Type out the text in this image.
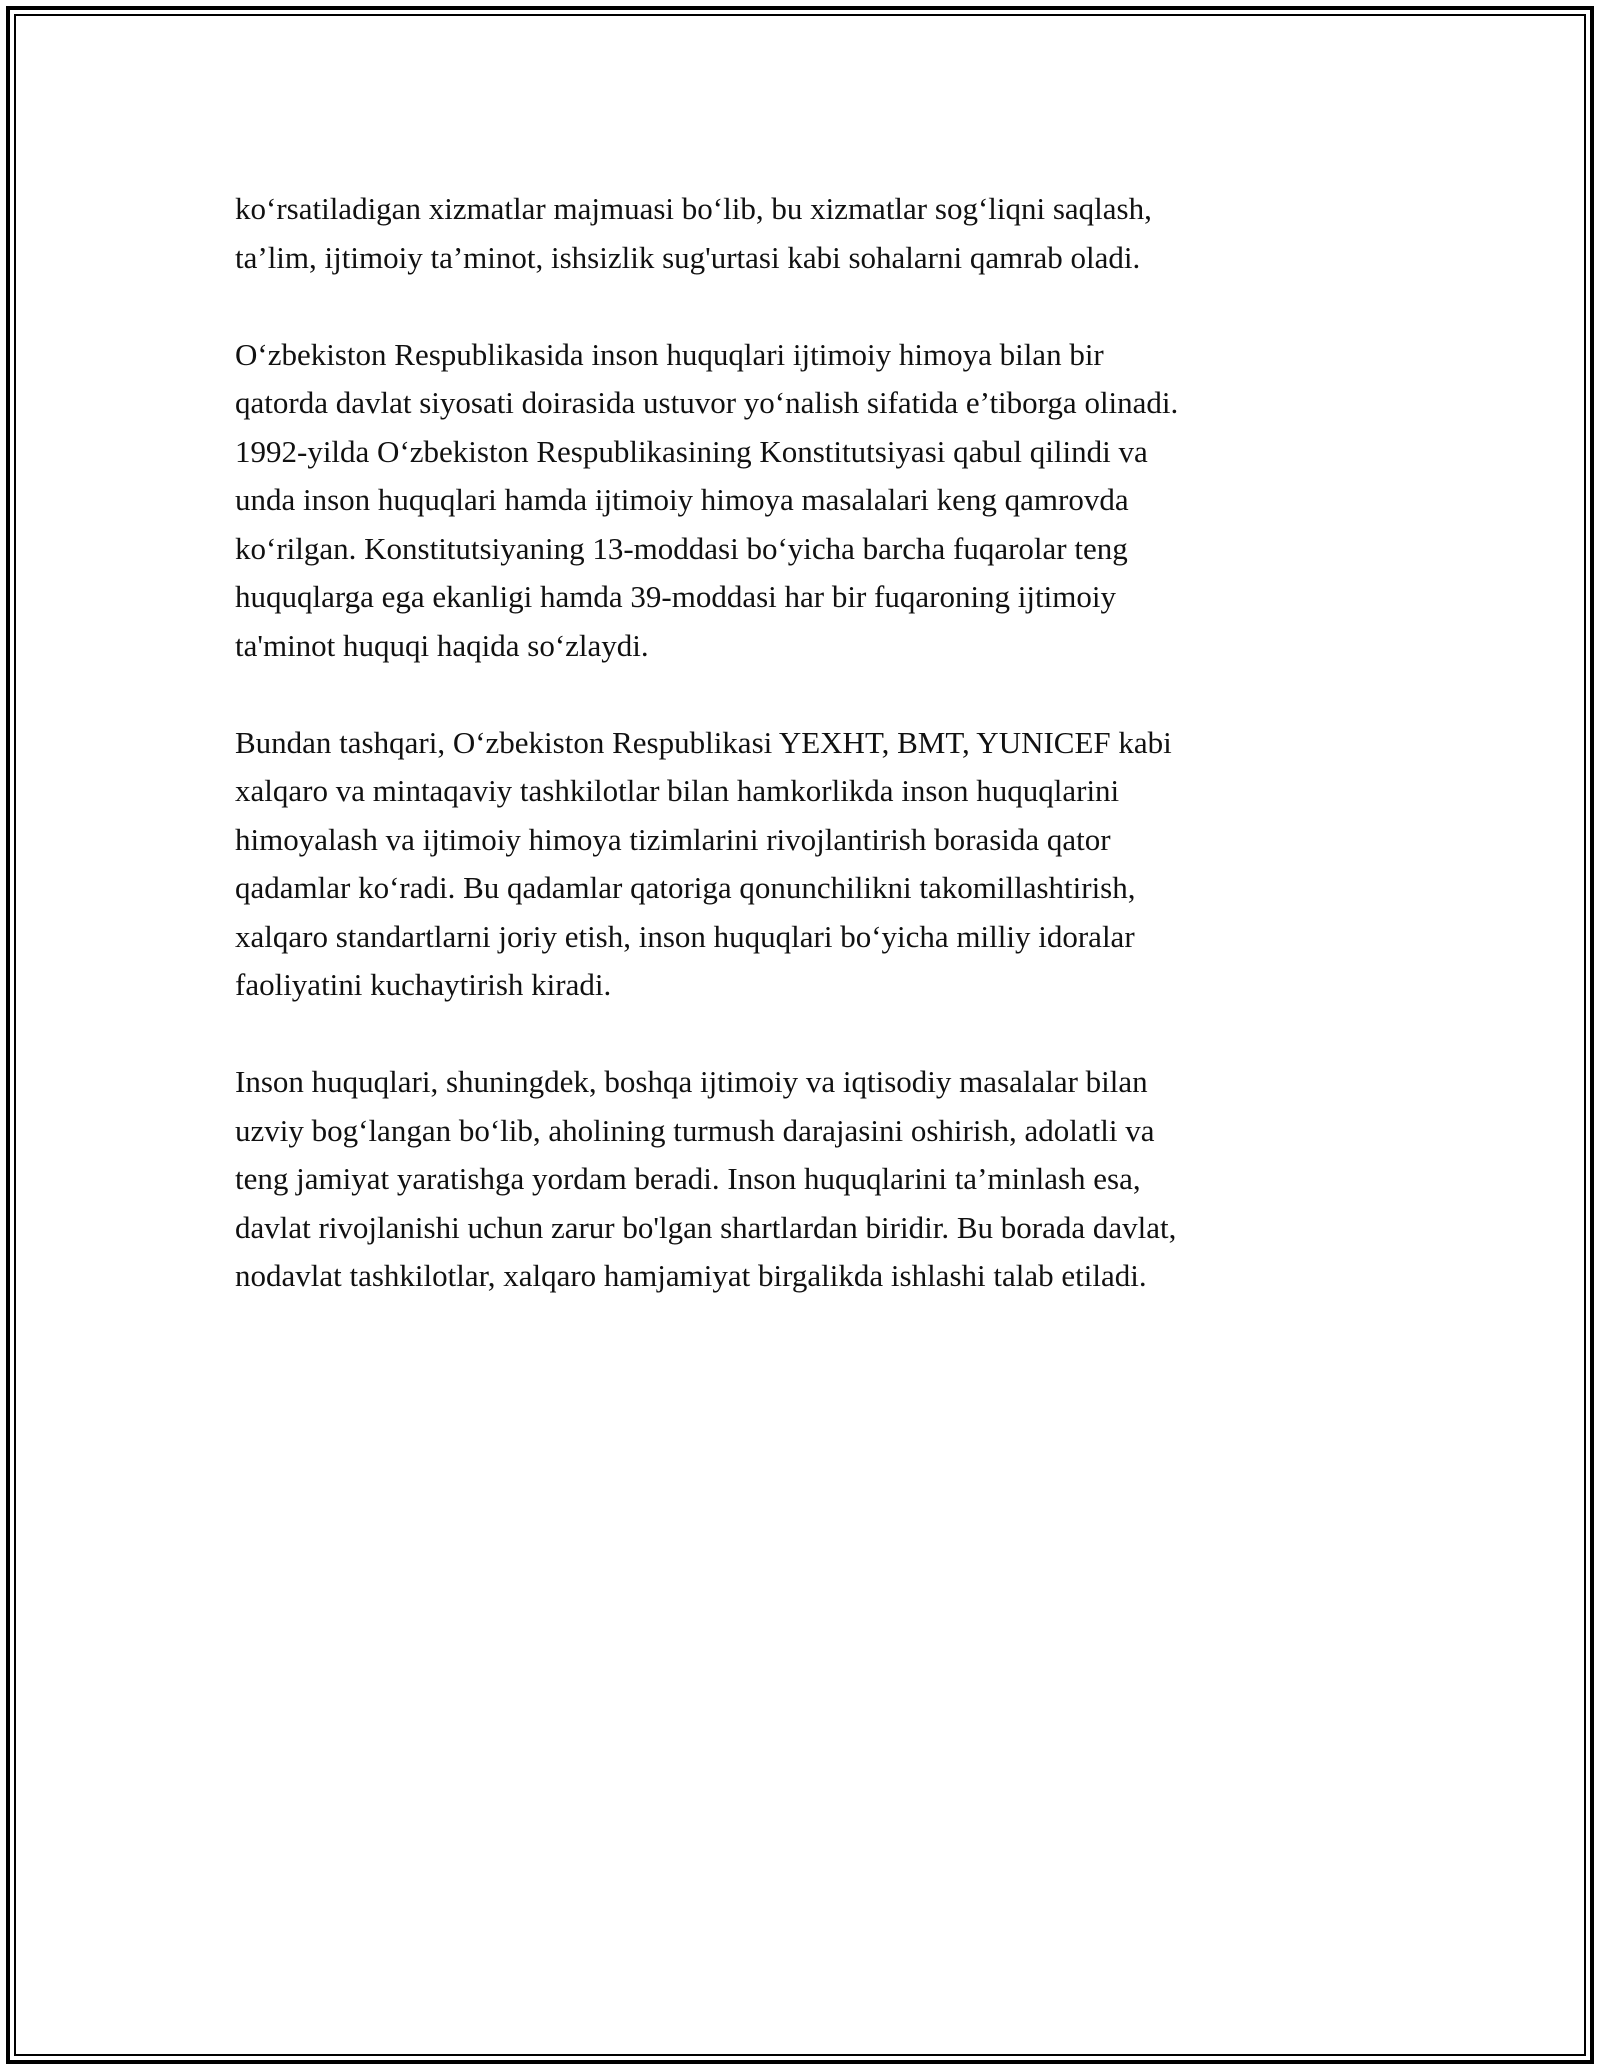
ko‘rsatiladigan xizmatlar majmuasi bo‘lib, bu xizmatlar sog‘liqni saqlash,
ta’lim, ijtimoiy ta’minot, ishsizlik sug'urtasi kabi sohalarni qamrab oladi.

O‘zbekiston Respublikasida inson huquqlari ijtimoiy himoya bilan bir
qatorda davlat siyosati doirasida ustuvor yo‘nalish sifatida e’tiborga olinadi.
1992-yilda O‘zbekiston Respublikasining Konstitutsiyasi qabul qilindi va
unda inson huquqlari hamda ijtimoiy himoya masalalari keng qamrovda
ko‘rilgan. Konstitutsiyaning 13-moddasi bo‘yicha barcha fuqarolar teng
huquqlarga ega ekanligi hamda 39-moddasi har bir fuqaroning ijtimoiy
ta'minot huquqi haqida so‘zlaydi.

Bundan tashqari, O‘zbekiston Respublikasi YEXHT, BMT, YUNICEF kabi
xalqaro va mintaqaviy tashkilotlar bilan hamkorlikda inson huquqlarini
himoyalash va ijtimoiy himoya tizimlarini rivojlantirish borasida qator
qadamlar ko‘radi. Bu qadamlar qatoriga qonunchilikni takomillashtirish,
xalqaro standartlarni joriy etish, inson huquqlari bo‘yicha milliy idoralar
faoliyatini kuchaytirish kiradi.

Inson huquqlari, shuningdek, boshqa ijtimoiy va iqtisodiy masalalar bilan
uzviy bog‘langan bo‘lib, aholining turmush darajasini oshirish, adolatli va
teng jamiyat yaratishga yordam beradi. Inson huquqlarini ta’minlash esa,
davlat rivojlanishi uchun zarur bo'lgan shartlardan biridir. Bu borada davlat,
nodavlat tashkilotlar, xalqaro hamjamiyat birgalikda ishlashi talab etiladi.
